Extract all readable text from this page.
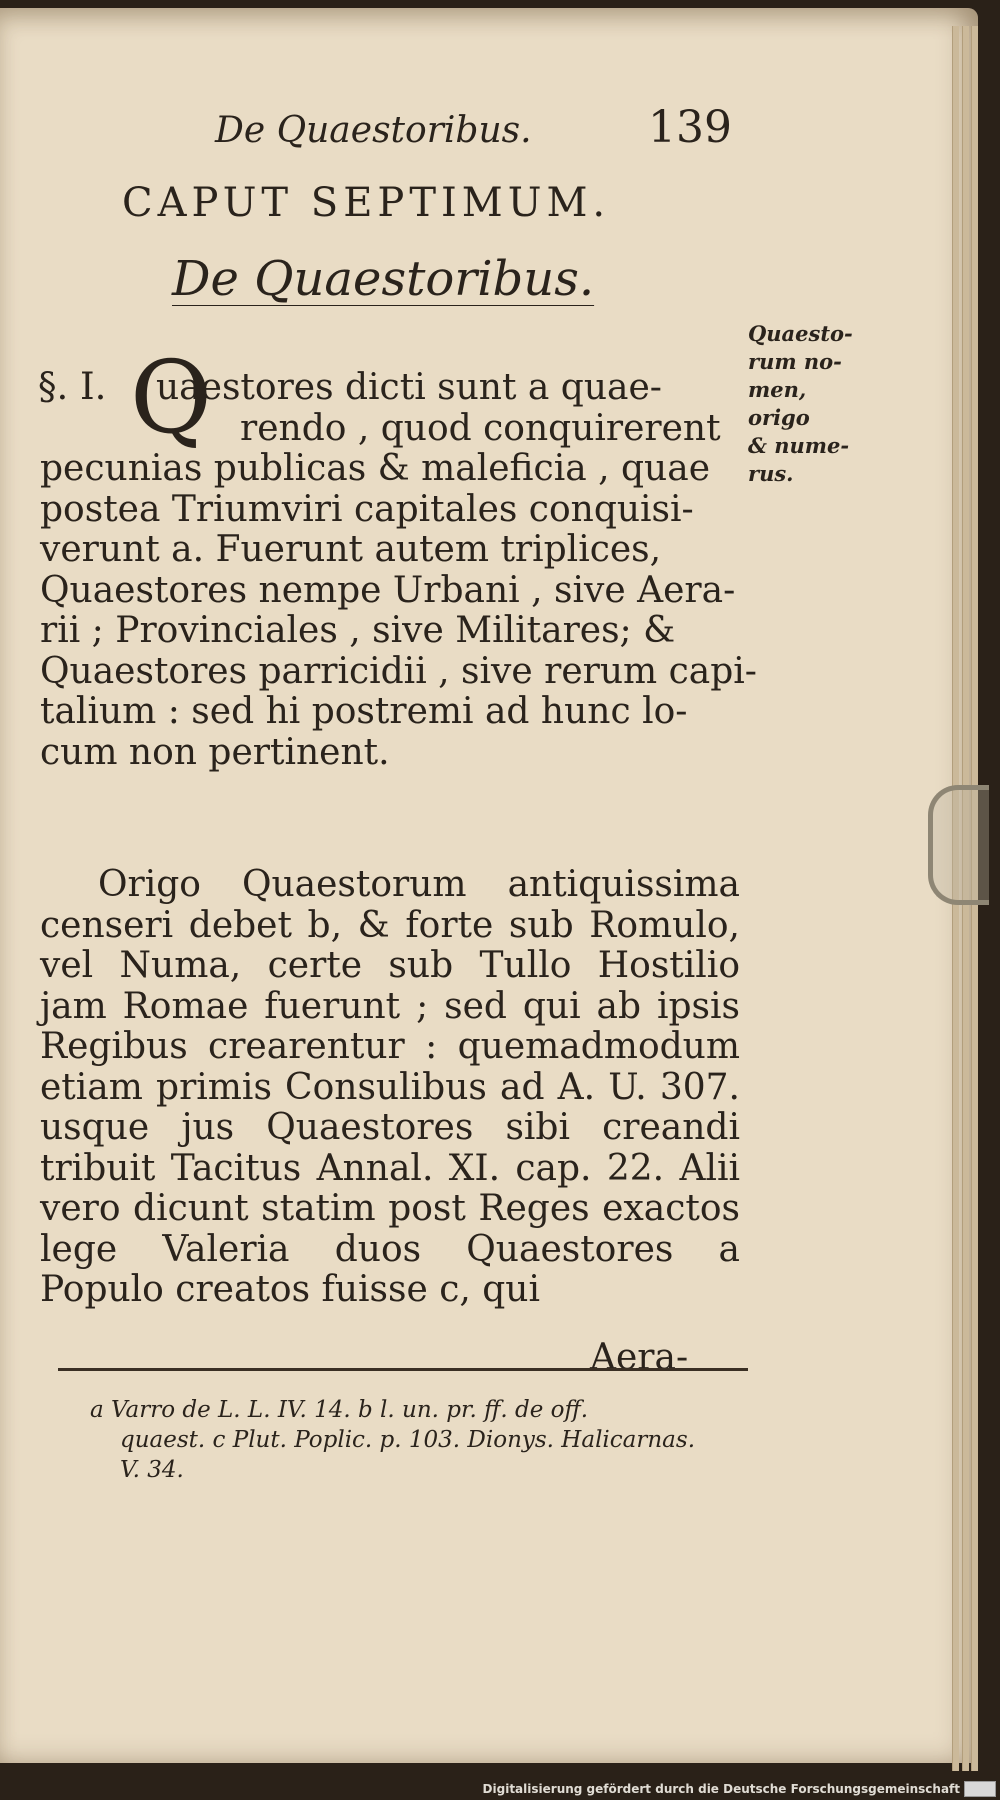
De Quaestoribus.	139
CAPUT SEPTIMUM.
De Quaestoribus.
§. I. Q
uaestores dicti sunt a quae-
rendo , quod conquirerent
pecunias publicas & maleficia , quae
postea Triumviri capitales conquisi-
verunt a. Fuerunt autem triplices,
Quaestores nempe Urbani , sive Aera-
rii ; Provinciales , sive Militares; &
Quaestores parricidii , sive rerum capi-
talium : sed hi postremi ad hunc lo-
cum non pertinent.
Origo Quaestorum antiquissima censeri debet b, & forte sub Romulo, vel Numa, certe sub Tullo Hostilio jam Romae fuerunt ; sed qui ab ipsis Regibus crearentur : quemadmodum etiam primis Consulibus ad A. U. 307. usque jus Quaestores sibi creandi tribuit Tacitus Annal. XI. cap. 22. Alii vero dicunt statim post Reges exactos lege Valeria duos Quaestores a Populo creatos fuisse c, qui
Aera-
a Varro de L. L. IV. 14. b l. un. pr. ff. de off.
quaest. c Plut. Poplic. p. 103. Dionys. Halicarnas.
V. 34.
Quaesto-
rum no-
men, origo
& nume-
rus.
Digitalisierung gefördert durch die Deutsche Forschungsgemeinschaft
